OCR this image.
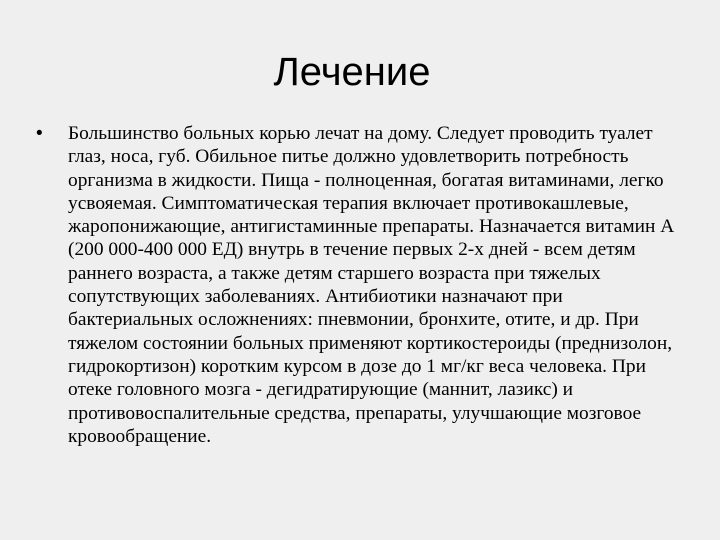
Лечение
•	Большинство больных корью лечат на дому. Следует проводить туалет глаз, носа, губ. Обильное питье должно удовлетворить потребность организма в жидкости. Пища - полноценная, богатая витаминами, легко усвояемая. Симптоматическая терапия включает противокашлевые, жаропонижающие, антигистаминные препараты. Назначается витамин А (200 000-400 000 ЕД) внутрь в течение первых 2-х дней - всем детям раннего возраста, а также детям старшего возраста при тяжелых сопутствующих заболеваниях. Антибиотики назначают при бактериальных осложнениях: пневмонии, бронхите, отите, и др. При тяжелом состоянии больных применяют кортикостероиды (преднизолон, гидрокортизон) коротким курсом в дозе до 1 мг/кг веса человека. При отеке головного мозга - дегидратирующие (маннит, лазикс) и противовоспалительные средства, препараты, улучшающие мозговое кровообращение.
